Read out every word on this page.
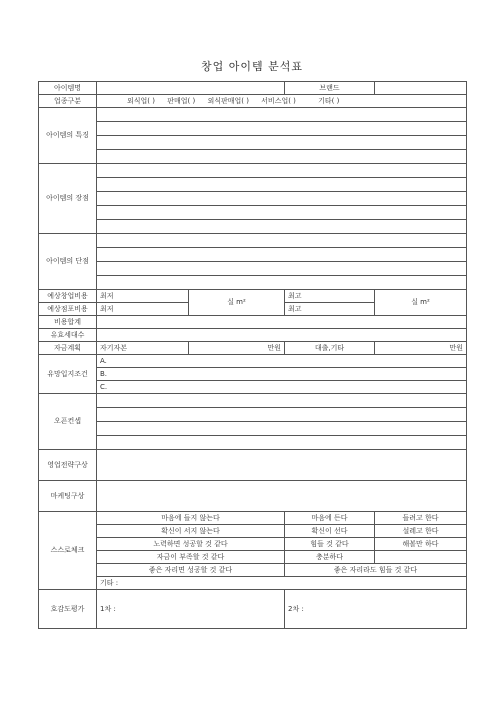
창업 아이템 분석표
아이템명			브랜드	
업종구분	외식업( ) 판매업( ) 외식판매업( ) 서비스업( ) 기타( )			
아이템의 특징				

아이템의 장점				

아이템의 단점				

예상창업비용	최저	실 m²	최고	실 m²
예상점포비용	최저		최고	
비용합계				
유효세대수				
자금계획	자기자본	만원	대출,기타	만원
유망입지조건	A.			
	B.			
	C.			
오픈컨셉				

영업전략구상				
마케팅구상				
스스로체크	마음에 들지 않는다		마음에 든다	들려고 한다
	확신이 서지 않는다		확신이 선다	설레고 한다
	노력하면 성공할 것 같다		힘들 것 같다	해볼만 하다
	자금이 부족할 것 같다		충분하다	
	좋은 자리면 성공할 것 같다		좋은 자리라도 힘들 것 같다	
	기타 :			
호감도평가	1차 :		2차 :	
